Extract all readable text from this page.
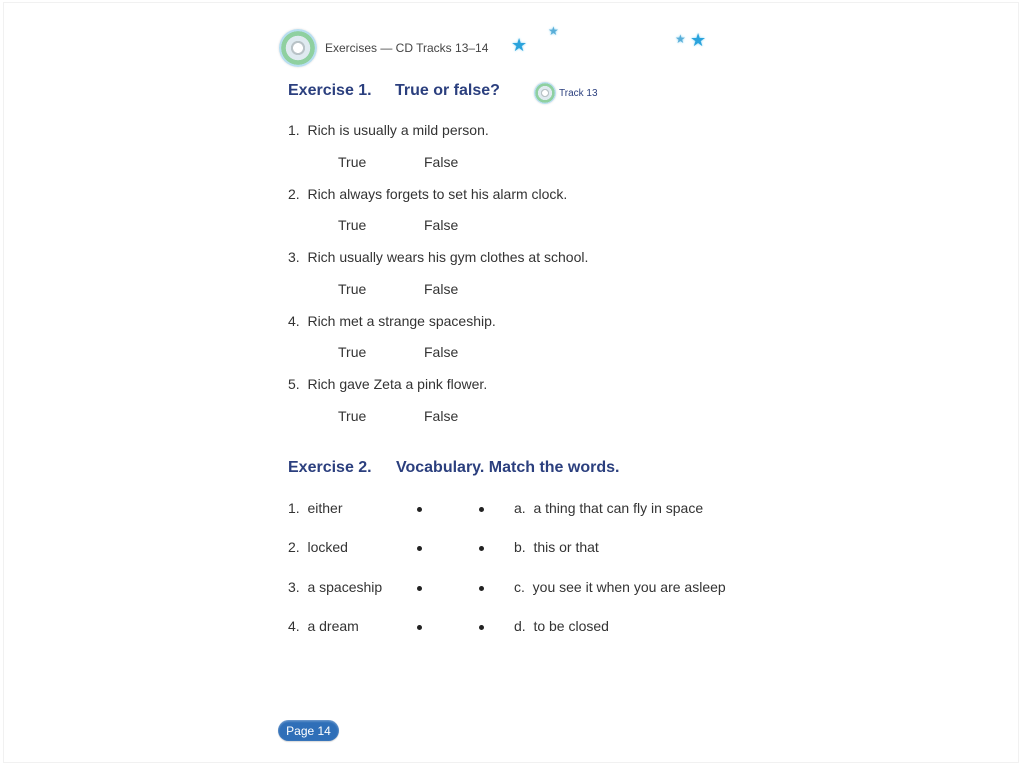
Exercises — CD Tracks 13–14 ★
★
★ ★
Exercise 1. True or false?	Track 13
1.  Rich is usually a mild person.
True	False
2.  Rich always forgets to set his alarm clock.
True	False
3.  Rich usually wears his gym clothes at school.
True	False
4.  Rich met a strange spaceship.
True	False
5.  Rich gave Zeta a pink flower.
True	False
Exercise 2. Vocabulary. Match the words.
1.  either	a.  a thing that can fly in space
2.  locked	b.  this or that
3.  a spaceship	c.  you see it when you are asleep
4.  a dream	d.  to be closed
Page 14
